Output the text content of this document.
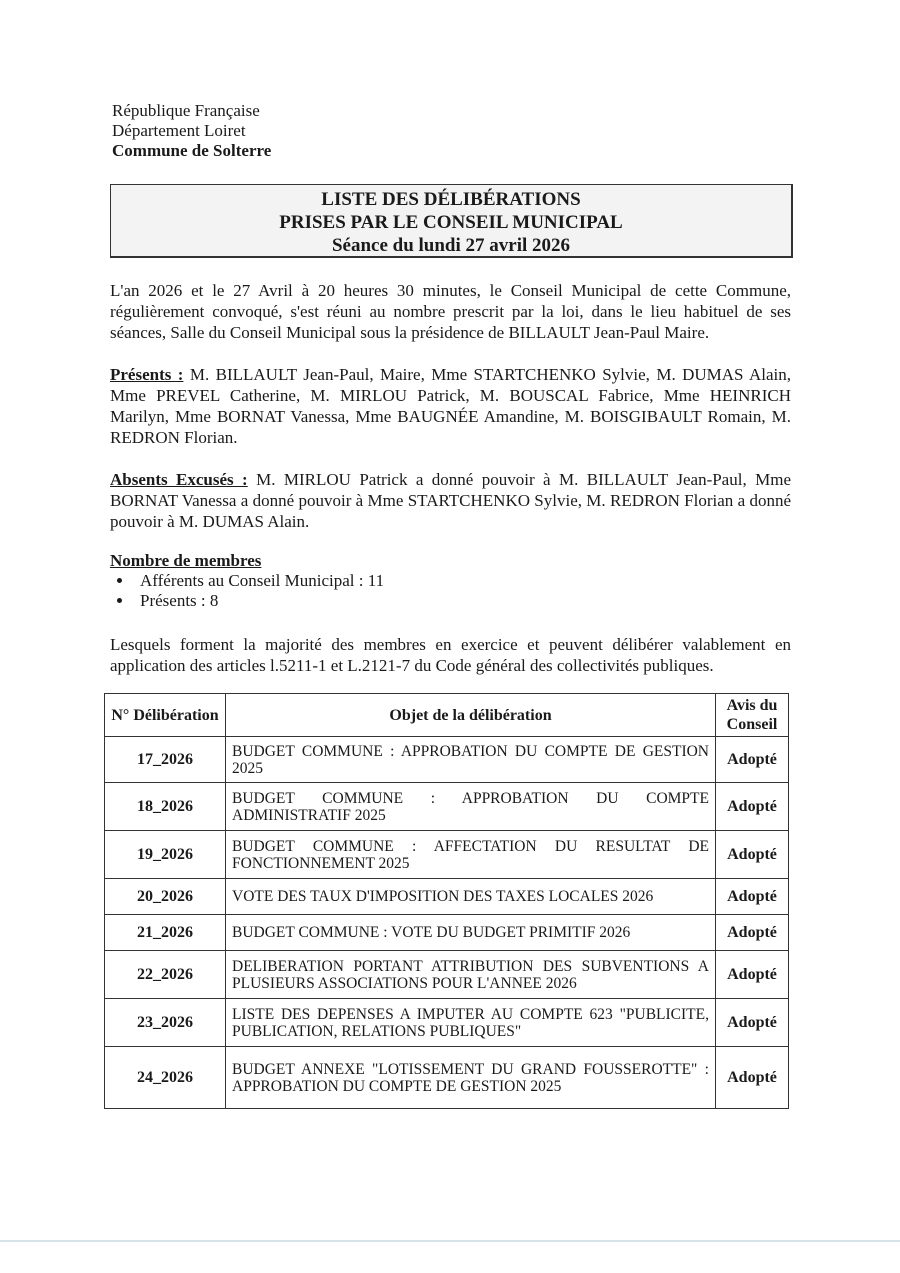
République Française
Département Loiret
Commune de Solterre
LISTE DES DÉLIBÉRATIONS
PRISES PAR LE CONSEIL MUNICIPAL
Séance du lundi 27 avril 2026
L'an 2026 et le 27 Avril à 20 heures 30 minutes, le Conseil Municipal de cette Commune, régulièrement convoqué, s'est réuni au nombre prescrit par la loi, dans le lieu habituel de ses séances, Salle du Conseil Municipal sous la présidence de BILLAULT Jean-Paul Maire.
Présents : M. BILLAULT Jean-Paul, Maire, Mme STARTCHENKO Sylvie, M. DUMAS Alain, Mme PREVEL Catherine, M. MIRLOU Patrick, M. BOUSCAL Fabrice, Mme HEINRICH Marilyn, Mme BORNAT Vanessa, Mme BAUGNÉE Amandine, M. BOISGIBAULT Romain, M. REDRON Florian.
Absents Excusés : M. MIRLOU Patrick a donné pouvoir à M. BILLAULT Jean-Paul, Mme BORNAT Vanessa a donné pouvoir à Mme STARTCHENKO Sylvie, M. REDRON Florian a donné pouvoir à M. DUMAS Alain.
Nombre de membres
• Afférents au Conseil Municipal : 11
• Présents : 8
Lesquels forment la majorité des membres en exercice et peuvent délibérer valablement en application des articles l.5211-1 et L.2121-7 du Code général des collectivités publiques.
N° Délibération	Objet de la délibération	Avis du Conseil
17_2026	BUDGET COMMUNE : APPROBATION DU COMPTE DE GESTION 2025	Adopté
18_2026	BUDGET COMMUNE : APPROBATION DU COMPTE ADMINISTRATIF 2025	Adopté
19_2026	BUDGET COMMUNE : AFFECTATION DU RESULTAT DE FONCTIONNEMENT 2025	Adopté
20_2026	VOTE DES TAUX D'IMPOSITION DES TAXES LOCALES 2026	Adopté
21_2026	BUDGET COMMUNE : VOTE DU BUDGET PRIMITIF 2026	Adopté
22_2026	DELIBERATION PORTANT ATTRIBUTION DES SUBVENTIONS A PLUSIEURS ASSOCIATIONS POUR L'ANNEE 2026	Adopté
23_2026	LISTE DES DEPENSES A IMPUTER AU COMPTE 623 "PUBLICITE, PUBLICATION, RELATIONS PUBLIQUES"	Adopté
24_2026	BUDGET ANNEXE "LOTISSEMENT DU GRAND FOUSSEROTTE" : APPROBATION DU COMPTE DE GESTION 2025	Adopté
